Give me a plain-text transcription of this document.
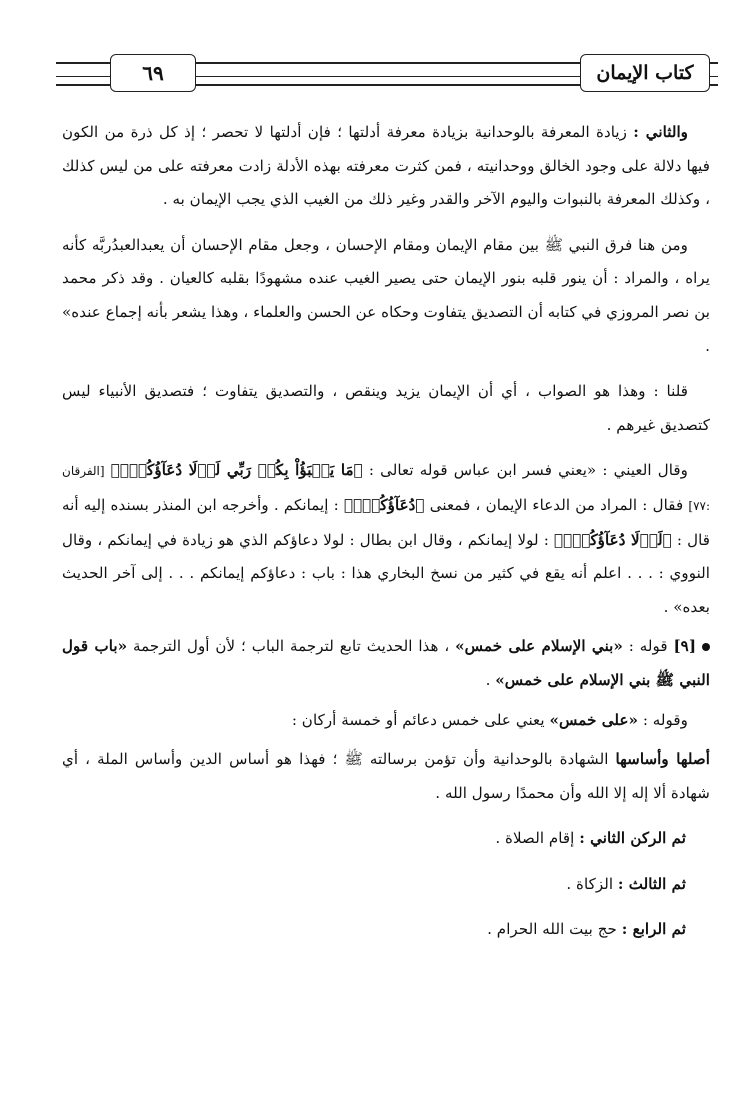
٦٩	كتاب الإيمان

والثاني : زيادة المعرفة بالوحدانية بزيادة معرفة أدلتها ؛ فإن أدلتها لا تحصر ؛ إذ كل ذرة من الكون فيها دلالة على وجود الخالق ووحدانيته ، فمن كثرت معرفته بهذه الأدلة زادت معرفته على من ليس كذلك ، وكذلك المعرفة بالنبوات واليوم الآخر والقدر وغير ذلك من الغيب الذي يجب الإيمان به .

ومن هنا فرق النبي ﷺ بين مقام الإيمان ومقام الإحسان ، وجعل مقام الإحسان أن يعبدالعبدُربَّه كأنه يراه ، والمراد : أن ينور قلبه بنور الإيمان حتى يصير الغيب عنده مشهودًا بقلبه كالعيان . وقد ذكر محمد بن نصر المروزي في كتابه أن التصديق يتفاوت وحكاه عن الحسن والعلماء ، وهذا يشعر بأنه إجماع عنده» .

قلنا : وهذا هو الصواب ، أي أن الإيمان يزيد وينقص ، والتصديق يتفاوت ؛ فتصديق الأنبياء ليس كتصديق غيرهم .

وقال العيني : «يعني فسر ابن عباس قوله تعالى : ﴿مَا يَعۡبَؤُاْ بِكُمۡ رَبِّي لَوۡلَا دُعَآؤُكُمۡۖ﴾ [الفرقان :٧٧] فقال : المراد من الدعاء الإيمان ، فمعنى ﴿دُعَآؤُكُمۡۖ﴾ : إيمانكم . وأخرجه ابن المنذر بسنده إليه أنه قال : ﴿لَوۡلَا دُعَآؤُكُمۡۖ﴾ : لولا إيمانكم ، وقال ابن بطال : لولا دعاؤكم الذي هو زيادة في إيمانكم ، وقال النووي : . . . اعلم أنه يقع في كثير من نسخ البخاري هذا : باب : دعاؤكم إيمانكم . . . إلى آخر الحديث بعده» .

[٩] قوله : «بني الإسلام على خمس» ، هذا الحديث تابع لترجمة الباب ؛ لأن أول الترجمة «باب قول النبي ﷺ بني الإسلام على خمس» .

وقوله : «على خمس» يعني على خمس دعائم أو خمسة أركان :

أصلها وأساسها الشهادة بالوحدانية وأن تؤمن برسالته ﷺ ؛ فهذا هو أساس الدين وأساس الملة ، أي شهادة ألا إله إلا الله وأن محمدًا رسول الله .

ثم الركن الثاني : إقام الصلاة .

ثم الثالث : الزكاة .

ثم الرابع : حج بيت الله الحرام .
